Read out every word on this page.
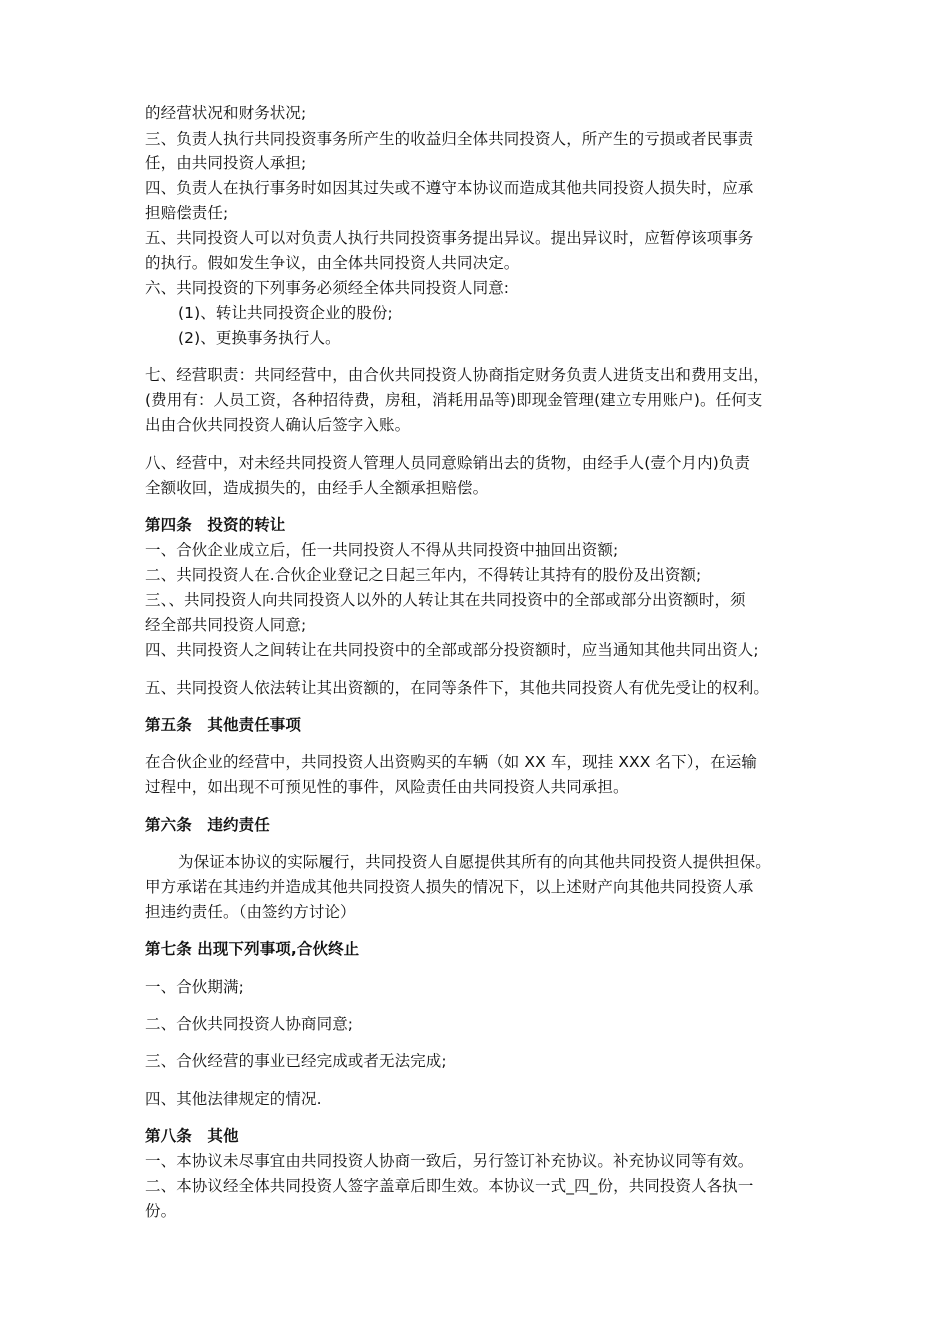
的经营状况和财务状况;
三、负责人执行共同投资事务所产生的收益归全体共同投资人，所产生的亏损或者民事责
任，由共同投资人承担;
四、负责人在执行事务时如因其过失或不遵守本协议而造成其他共同投资人损失时，应承
担赔偿责任;
五、共同投资人可以对负责人执行共同投资事务提出异议。提出异议时，应暂停该项事务
的执行。假如发生争议，由全体共同投资人共同决定。
六、共同投资的下列事务必须经全体共同投资人同意:
(1)、转让共同投资企业的股份;
(2)、更换事务执行人。
七、经营职责：共同经营中，由合伙共同投资人协商指定财务负责人进货支出和费用支出，
(费用有：人员工资，各种招待费，房租，消耗用品等)即现金管理(建立专用账户)。任何支
出由合伙共同投资人确认后签字入账。
八、经营中，对未经共同投资人管理人员同意赊销出去的货物，由经手人(壹个月内)负责
全额收回，造成损失的，由经手人全额承担赔偿。
第四条　投资的转让
一、合伙企业成立后，任一共同投资人不得从共同投资中抽回出资额;
二、共同投资人在.合伙企业登记之日起三年内，不得转让其持有的股份及出资额;
三、、共同投资人向共同投资人以外的人转让其在共同投资中的全部或部分出资额时，须
经全部共同投资人同意;
四、共同投资人之间转让在共同投资中的全部或部分投资额时，应当通知其他共同出资人;
五、共同投资人依法转让其出资额的，在同等条件下，其他共同投资人有优先受让的权利。
第五条　其他责任事项
在合伙企业的经营中，共同投资人出资购买的车辆（如 XX 车，现挂 XXX 名下），在运输
过程中，如出现不可预见性的事件，风险责任由共同投资人共同承担。
第六条　违约责任
为保证本协议的实际履行，共同投资人自愿提供其所有的向其他共同投资人提供担保。
甲方承诺在其违约并造成其他共同投资人损失的情况下，以上述财产向其他共同投资人承
担违约责任。（由签约方讨论）
第七条 出现下列事项,合伙终止
一、合伙期满;
二、合伙共同投资人协商同意;
三、合伙经营的事业已经完成或者无法完成;
四、其他法律规定的情况.
第八条　其他
一、本协议未尽事宜由共同投资人协商一致后，另行签订补充协议。补充协议同等有效。
二、本协议经全体共同投资人签字盖章后即生效。本协议一式_四_份，共同投资人各执一
份。
